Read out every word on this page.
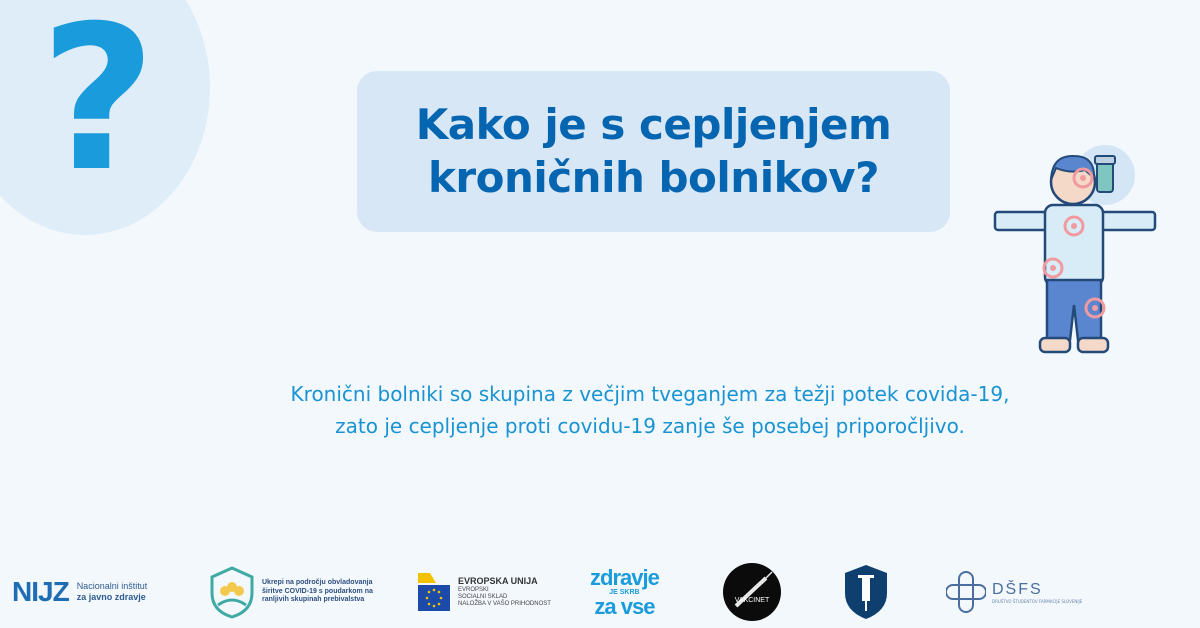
?	Kako je s cepljenjem
kroničnih bolnikov?
Kronični bolniki so skupina z večjim tveganjem za težji potek covida-19,
zato je cepljenje proti covidu-19 zanje še posebej priporočljivo.
NIJZ Nacionalni inštitut
za javno zdravje
Ukrepi na področju obvladovanja
širitve COVID-19 s poudarkom na
ranljivih skupinah prebivalstva
EVROPSKA UNIJA
EVROPSKI
SOCIALNI SKLAD
NALOŽBA V VAŠO PRIHODNOST
zdravje
JE SKRB
za vse	VAKCINET
DŠFS
DRUŠTVO ŠTUDENTOV FARMACIJE SLOVENIJE
